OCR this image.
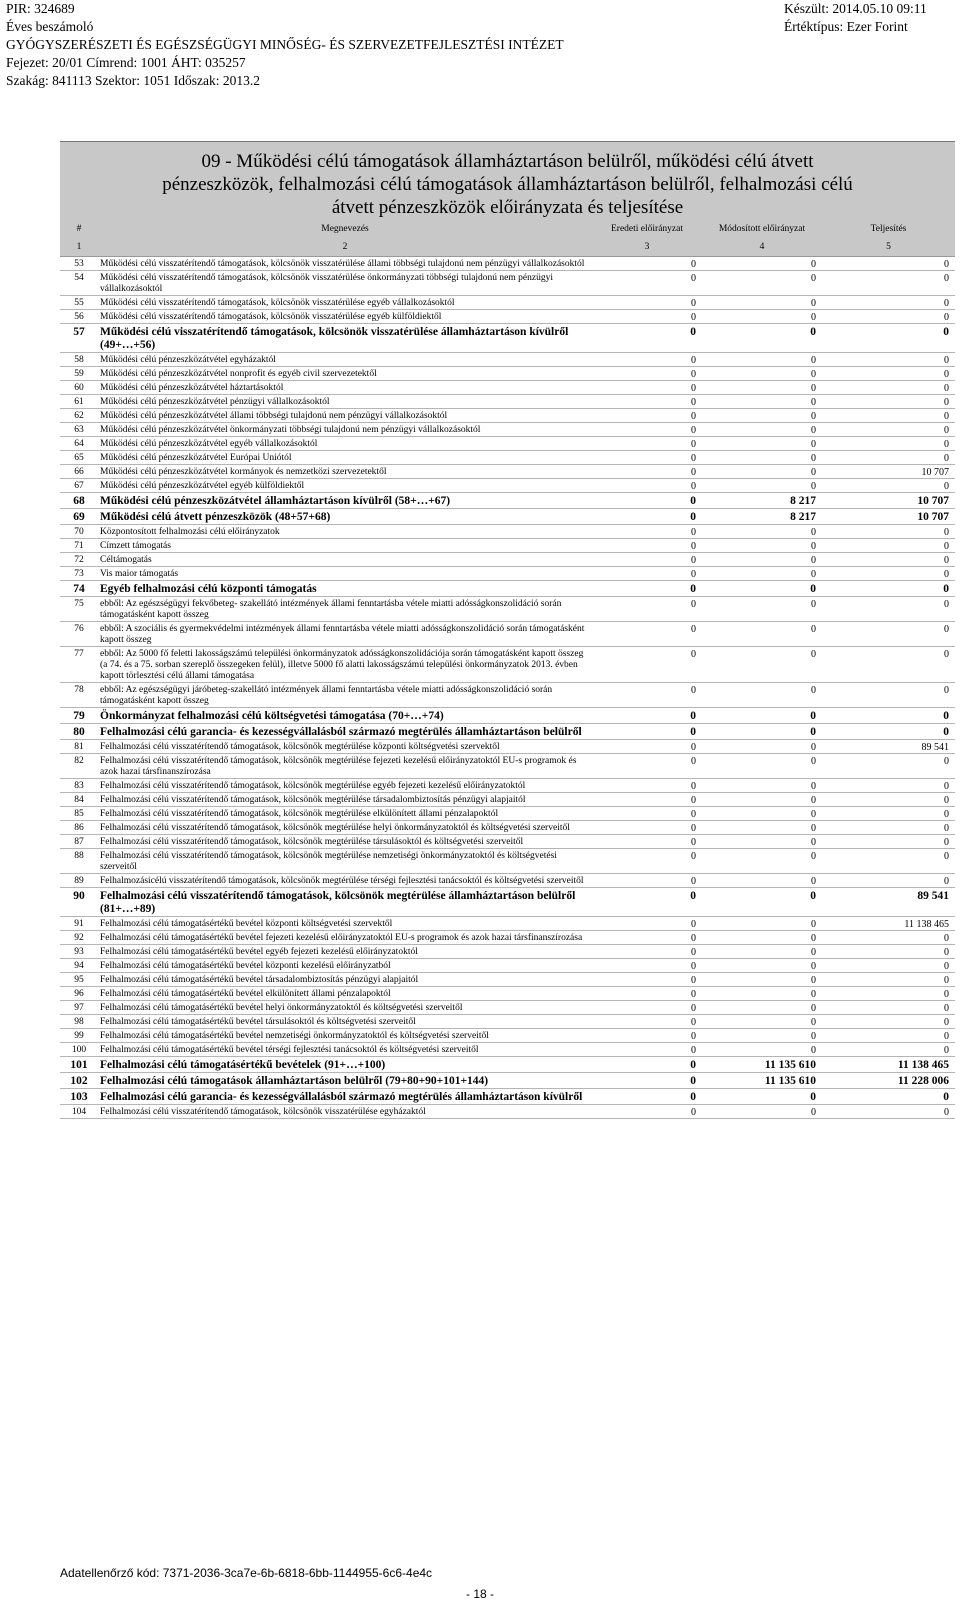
PIR: 324689
Éves beszámoló
GYÓGYSZERÉSZETI ÉS EGÉSZSÉGÜGYI MINŐSÉG- ÉS SZERVEZETFEJLESZTÉSI INTÉZET
Fejezet: 20/01 Címrend: 1001 ÁHT: 035257
Szakág: 841113 Szektor: 1051 Időszak: 2013.2
Készült: 2014.05.10 09:11
Értéktípus: Ezer Forint
09 - Működési célú támogatások államháztartáson belülről, működési célú átvett
pénzeszközök, felhalmozási célú támogatások államháztartáson belülről, felhalmozási célú
átvett pénzeszközök előirányzata és teljesítése
#	Megnevezés	Eredeti előirányzat	Módosított előirányzat	Teljesítés
1	2	3	4	5
53	Működési célú visszatérítendő támogatások, kölcsönök visszatérülése állami többségi tulajdonú nem pénzügyi vállalkozásoktól	0	0	0
54	Működési célú visszatérítendő támogatások, kölcsönök visszatérülése önkormányzati többségi tulajdonú nem pénzügyi vállalkozásoktól	0	0	0
55	Működési célú visszatérítendő támogatások, kölcsönök visszatérülése egyéb vállalkozásoktól	0	0	0
56	Működési célú visszatérítendő támogatások, kölcsönök visszatérülése egyéb külföldiektől	0	0	0
57	Működési célú visszatérítendő támogatások, kölcsönök visszatérülése államháztartáson kívülről (49+…+56)	0	0	0
58	Működési célú pénzeszközátvétel egyházaktól	0	0	0
59	Működési célú pénzeszközátvétel nonprofit és egyéb civil szervezetektől	0	0	0
60	Működési célú pénzeszközátvétel háztartásoktól	0	0	0
61	Működési célú pénzeszközátvétel pénzügyi vállalkozásoktól	0	0	0
62	Működési célú pénzeszközátvétel állami többségi tulajdonú nem pénzügyi vállalkozásoktól	0	0	0
63	Működési célú pénzeszközátvétel önkormányzati többségi tulajdonú nem pénzügyi vállalkozásoktól	0	0	0
64	Működési célú pénzeszközátvétel egyéb vállalkozásoktól	0	0	0
65	Működési célú pénzeszközátvétel Európai Uniótól	0	0	0
66	Működési célú pénzeszközátvétel kormányok és nemzetközi szervezetektől	0	0	10 707
67	Működési célú pénzeszközátvétel egyéb külföldiektől	0	0	0
68	Működési célú pénzeszközátvétel államháztartáson kívülről (58+…+67)	0	8 217	10 707
69	Működési célú átvett pénzeszközök (48+57+68)	0	8 217	10 707
70	Központosított felhalmozási célú előirányzatok	0	0	0
71	Címzett támogatás	0	0	0
72	Céltámogatás	0	0	0
73	Vis maior támogatás	0	0	0
74	Egyéb felhalmozási célú központi támogatás	0	0	0
75	ebből: Az egészségügyi fekvőbeteg- szakellátó intézmények állami fenntartásba vétele miatti adósságkonszolidáció során támogatásként kapott összeg	0	0	0
76	ebből: A szociális és gyermekvédelmi intézmények állami fenntartásba vétele miatti adósságkonszolidáció során támogatásként kapott összeg	0	0	0
77	ebből: Az 5000 fő feletti lakosságszámú települési önkormányzatok adósságkonszolidációja során támogatásként kapott összeg (a 74. és a 75. sorban szereplő összegeken felül), illetve 5000 fő alatti lakosságszámú települési önkormányzatok 2013. évben kapott törlesztési célú állami támogatása	0	0	0
78	ebből: Az egészségügyi járóbeteg-szakellátó intézmények állami fenntartásba vétele miatti adósságkonszolidáció során támogatásként kapott összeg	0	0	0
79	Önkormányzat felhalmozási célú költségvetési támogatása (70+…+74)	0	0	0
80	Felhalmozási célú garancia- és kezességvállalásból származó megtérülés államháztartáson belülről	0	0	0
81	Felhalmozási célú visszatérítendő támogatások, kölcsönök megtérülése központi költségvetési szervektől	0	0	89 541
82	Felhalmozási célú visszatérítendő támogatások, kölcsönök megtérülése fejezeti kezelésű előirányzatoktól EU-s programok és azok hazai társfinanszírozása	0	0	0
83	Felhalmozási célú visszatérítendő támogatások, kölcsönök megtérülése egyéb fejezeti kezelésű előirányzatoktól	0	0	0
84	Felhalmozási célú visszatérítendő támogatások, kölcsönök megtérülése társadalombiztosítás pénzügyi alapjaitól	0	0	0
85	Felhalmozási célú visszatérítendő támogatások, kölcsönök megtérülése elkülönített állami pénzalapoktól	0	0	0
86	Felhalmozási célú visszatérítendő támogatások, kölcsönök megtérülése helyi önkormányzatoktól és költségvetési szerveitől	0	0	0
87	Felhalmozási célú visszatérítendő támogatások, kölcsönök megtérülése társulásoktól és költségvetési szerveitől	0	0	0
88	Felhalmozási célú visszatérítendő támogatások, kölcsönök megtérülése nemzetiségi önkormányzatoktól és költségvetési szerveitől	0	0	0
89	Felhalmozásicélú visszatérítendő támogatások, kölcsönök megtérülése térségi fejlesztési tanácsoktól és költségvetési szerveitől	0	0	0
90	Felhalmozási célú visszatérítendő támogatások, kölcsönök megtérülése államháztartáson belülről (81+…+89)	0	0	89 541
91	Felhalmozási célú támogatásértékű bevétel központi költségvetési szervektől	0	0	11 138 465
92	Felhalmozási célú támogatásértékű bevétel fejezeti kezelésű előirányzatoktól EU-s programok és azok hazai társfinanszírozása	0	0	0
93	Felhalmozási célú támogatásértékű bevétel egyéb fejezeti kezelésű előirányzatoktól	0	0	0
94	Felhalmozási célú támogatásértékű bevétel központi kezelésű előirányzatból	0	0	0
95	Felhalmozási célú támogatásértékű bevétel társadalombiztosítás pénzügyi alapjaitól	0	0	0
96	Felhalmozási célú támogatásértékű bevétel elkülönített állami pénzalapoktól	0	0	0
97	Felhalmozási célú támogatásértékű bevétel helyi önkormányzatoktól és költségvetési szerveitől	0	0	0
98	Felhalmozási célú támogatásértékű bevétel társulásoktól és költségvetési szerveitől	0	0	0
99	Felhalmozási célú támogatásértékű bevétel nemzetiségi önkormányzatoktól és költségvetési szerveitől	0	0	0
100	Felhalmozási célú támogatásértékű bevétel térségi fejlesztési tanácsoktól és költségvetési szerveitől	0	0	0
101	Felhalmozási célú támogatásértékű bevételek (91+…+100)	0	11 135 610	11 138 465
102	Felhalmozási célú támogatások államháztartáson belülről (79+80+90+101+144)	0	11 135 610	11 228 006
103	Felhalmozási célú garancia- és kezességvállalásból származó megtérülés államháztartáson kívülről	0	0	0
104	Felhalmozási célú visszatérítendő támogatások, kölcsönök visszatérülése egyházaktól	0	0	0
Adatellenőrző kód: 7371-2036-3ca7e-6b-6818-6bb-1144955-6c6-4e4c
- 18 -
